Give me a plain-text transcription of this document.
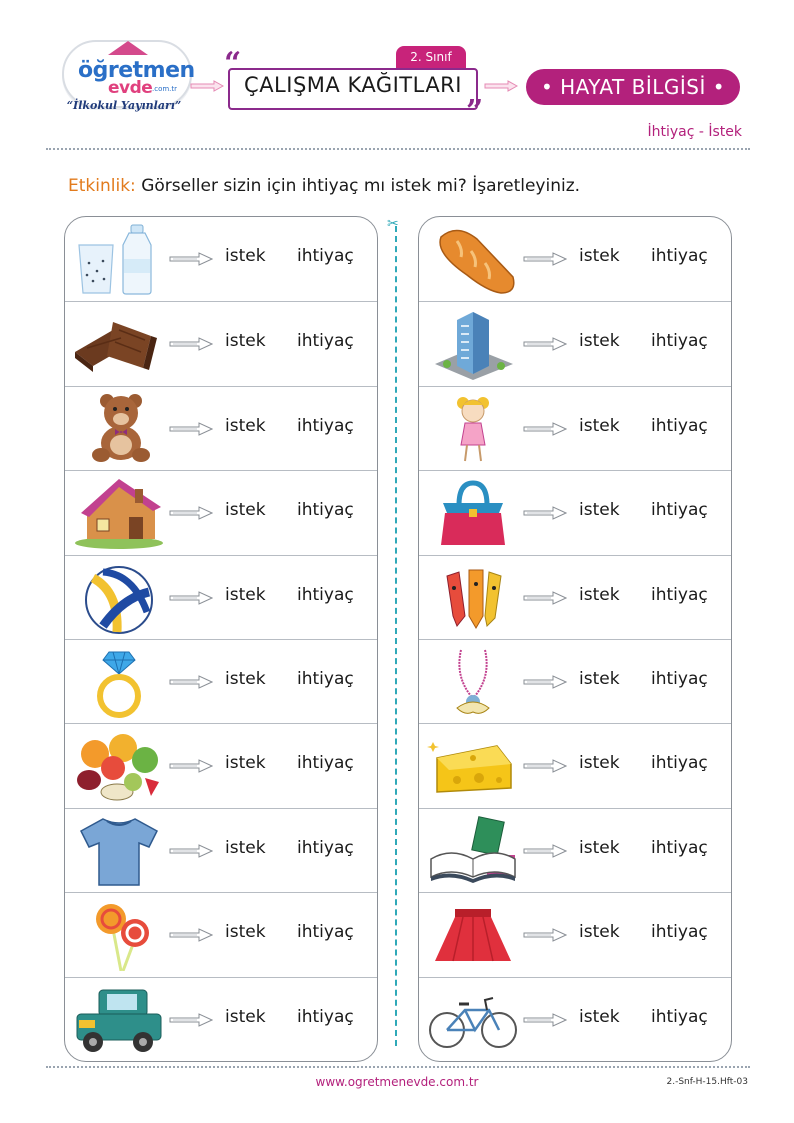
öğretmen
evde .com.tr
“İlkokul Yayınları”
2. Sınıf
ÇALIŞMA KAĞITLARI
“
”
• HAYAT BİLGİSİ •
İhtiyaç - İstek
Etkinlik: Görseller sizin için ihtiyaç mı istek mi? İşaretleyiniz.
istek ihtiyaç
istek ihtiyaç
istek ihtiyaç
istek ihtiyaç
istek ihtiyaç
istek ihtiyaç
istek ihtiyaç
istek ihtiyaç
istek ihtiyaç
istek ihtiyaç
✂
istek ihtiyaç
istek ihtiyaç
istek ihtiyaç
istek ihtiyaç
istek ihtiyaç
istek ihtiyaç
istek ihtiyaç
istek ihtiyaç
istek ihtiyaç
istek ihtiyaç
www.ogretmenevde.com.tr	2.-Snf-H-15.Hft-03
